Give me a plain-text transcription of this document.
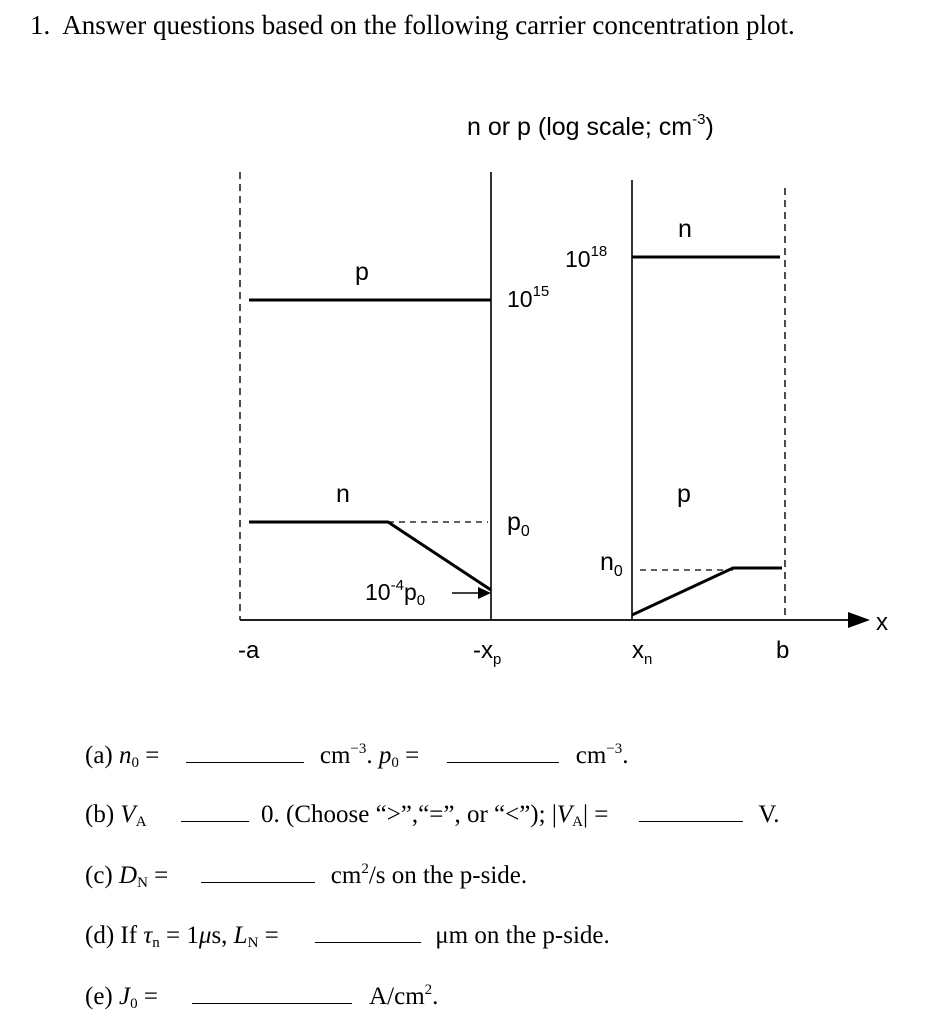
1. Answer questions based on the following carrier concentration plot.
n or p (log scale; $cm^{-3}$)
x
p
n
$10^{15}$
$10^{18}$
n
$p_0$
$10^{-4}p_0$
p
$n_0$
-a	$-x_p$	$x_n$	b
(a) $n_0$ =	$cm^{-3}$. $p_0$ =	$cm^{-3}$.
(b) $V_A$	0. (Choose “>”,“=”, or “<”); $|V_A|$ =	V.
(c) $D_N$ =	$cm^2/s$ on the p-side.
(d) If $\tau_n = 1\mu s$, $L_N$ =	μm on the p-side.
(e) $J_0$ =	$A/cm^2$.
